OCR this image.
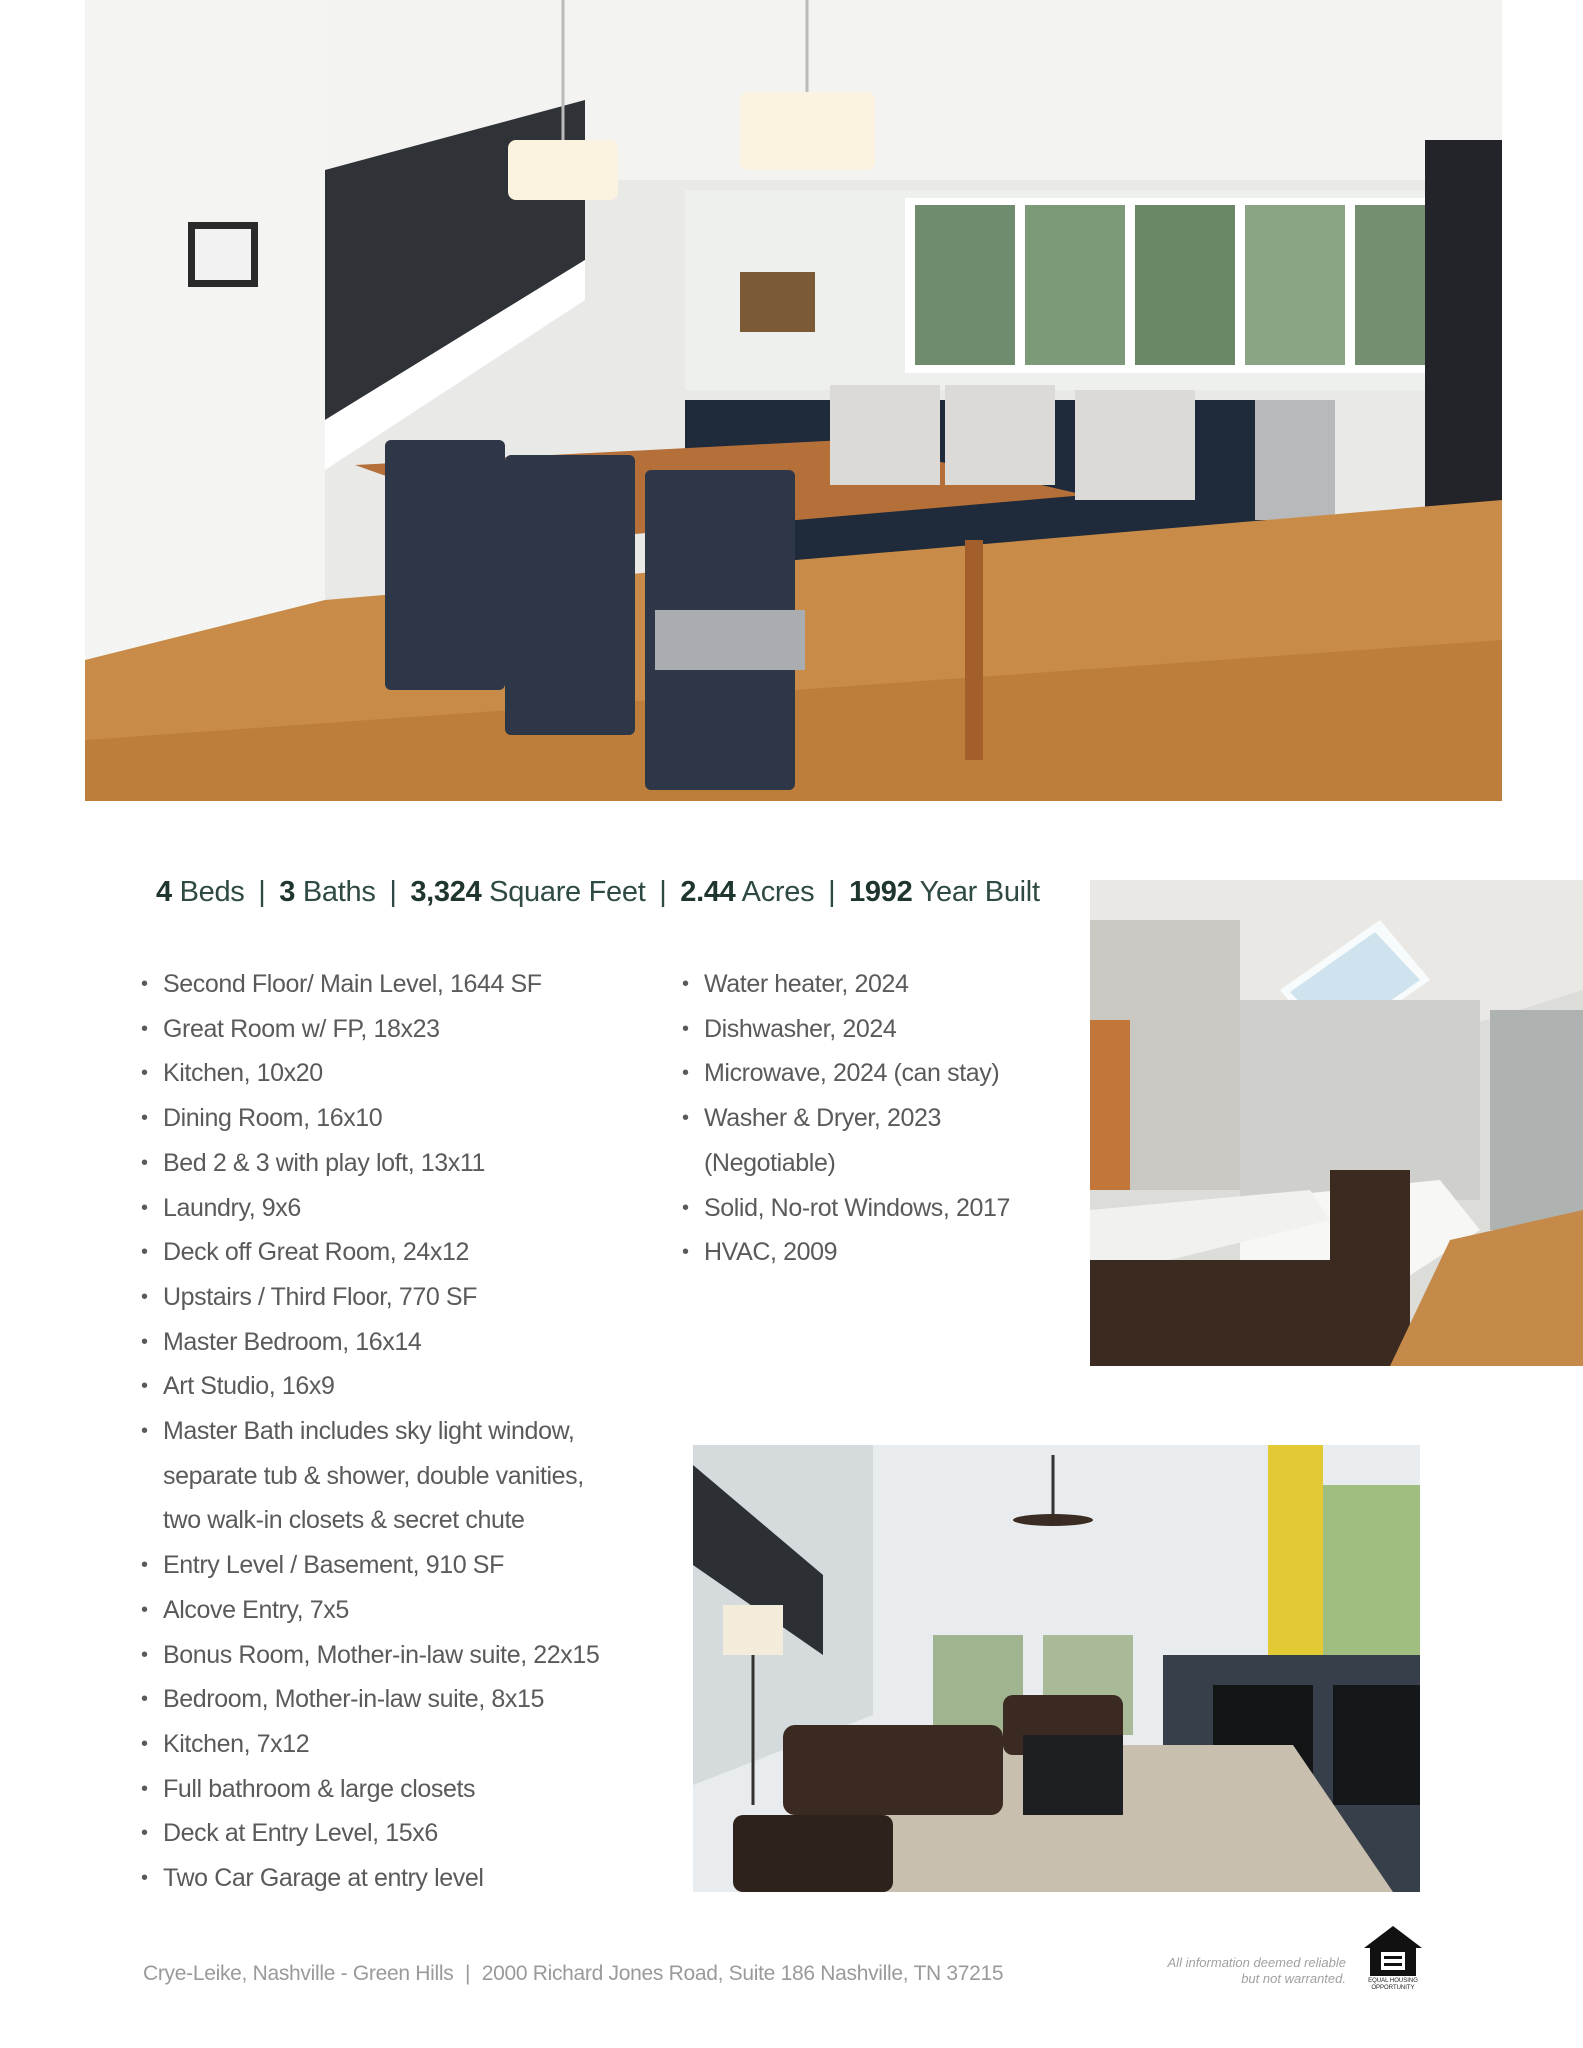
4 Beds | 3 Baths | 3,324 Square Feet | 2.44 Acres | 1992 Year Built
• Second Floor/ Main Level, 1644 SF
• Great Room w/ FP, 18x23
• Kitchen, 10x20
• Dining Room, 16x10
• Bed 2 & 3 with play loft, 13x11
• Laundry, 9x6
• Deck off Great Room, 24x12
• Upstairs / Third Floor, 770 SF
• Master Bedroom, 16x14
• Art Studio, 16x9
• Master Bath includes sky light window, separate tub & shower, double vanities, two walk-in closets & secret chute
• Entry Level / Basement, 910 SF
• Alcove Entry, 7x5
• Bonus Room, Mother-in-law suite, 22x15
• Bedroom, Mother-in-law suite, 8x15
• Kitchen, 7x12
• Full bathroom & large closets
• Deck at Entry Level, 15x6
• Two Car Garage at entry level
• Water heater, 2024
• Dishwasher, 2024
• Microwave, 2024 (can stay)
• Washer & Dryer, 2023 (Negotiable)
• Solid, No-rot Windows, 2017
• HVAC, 2009
Crye-Leike, Nashville - Green Hills | 2000 Richard Jones Road, Suite 186 Nashville, TN 37215	All information deemed reliable but not warranted.	EQUAL HOUSING OPPORTUNITY
